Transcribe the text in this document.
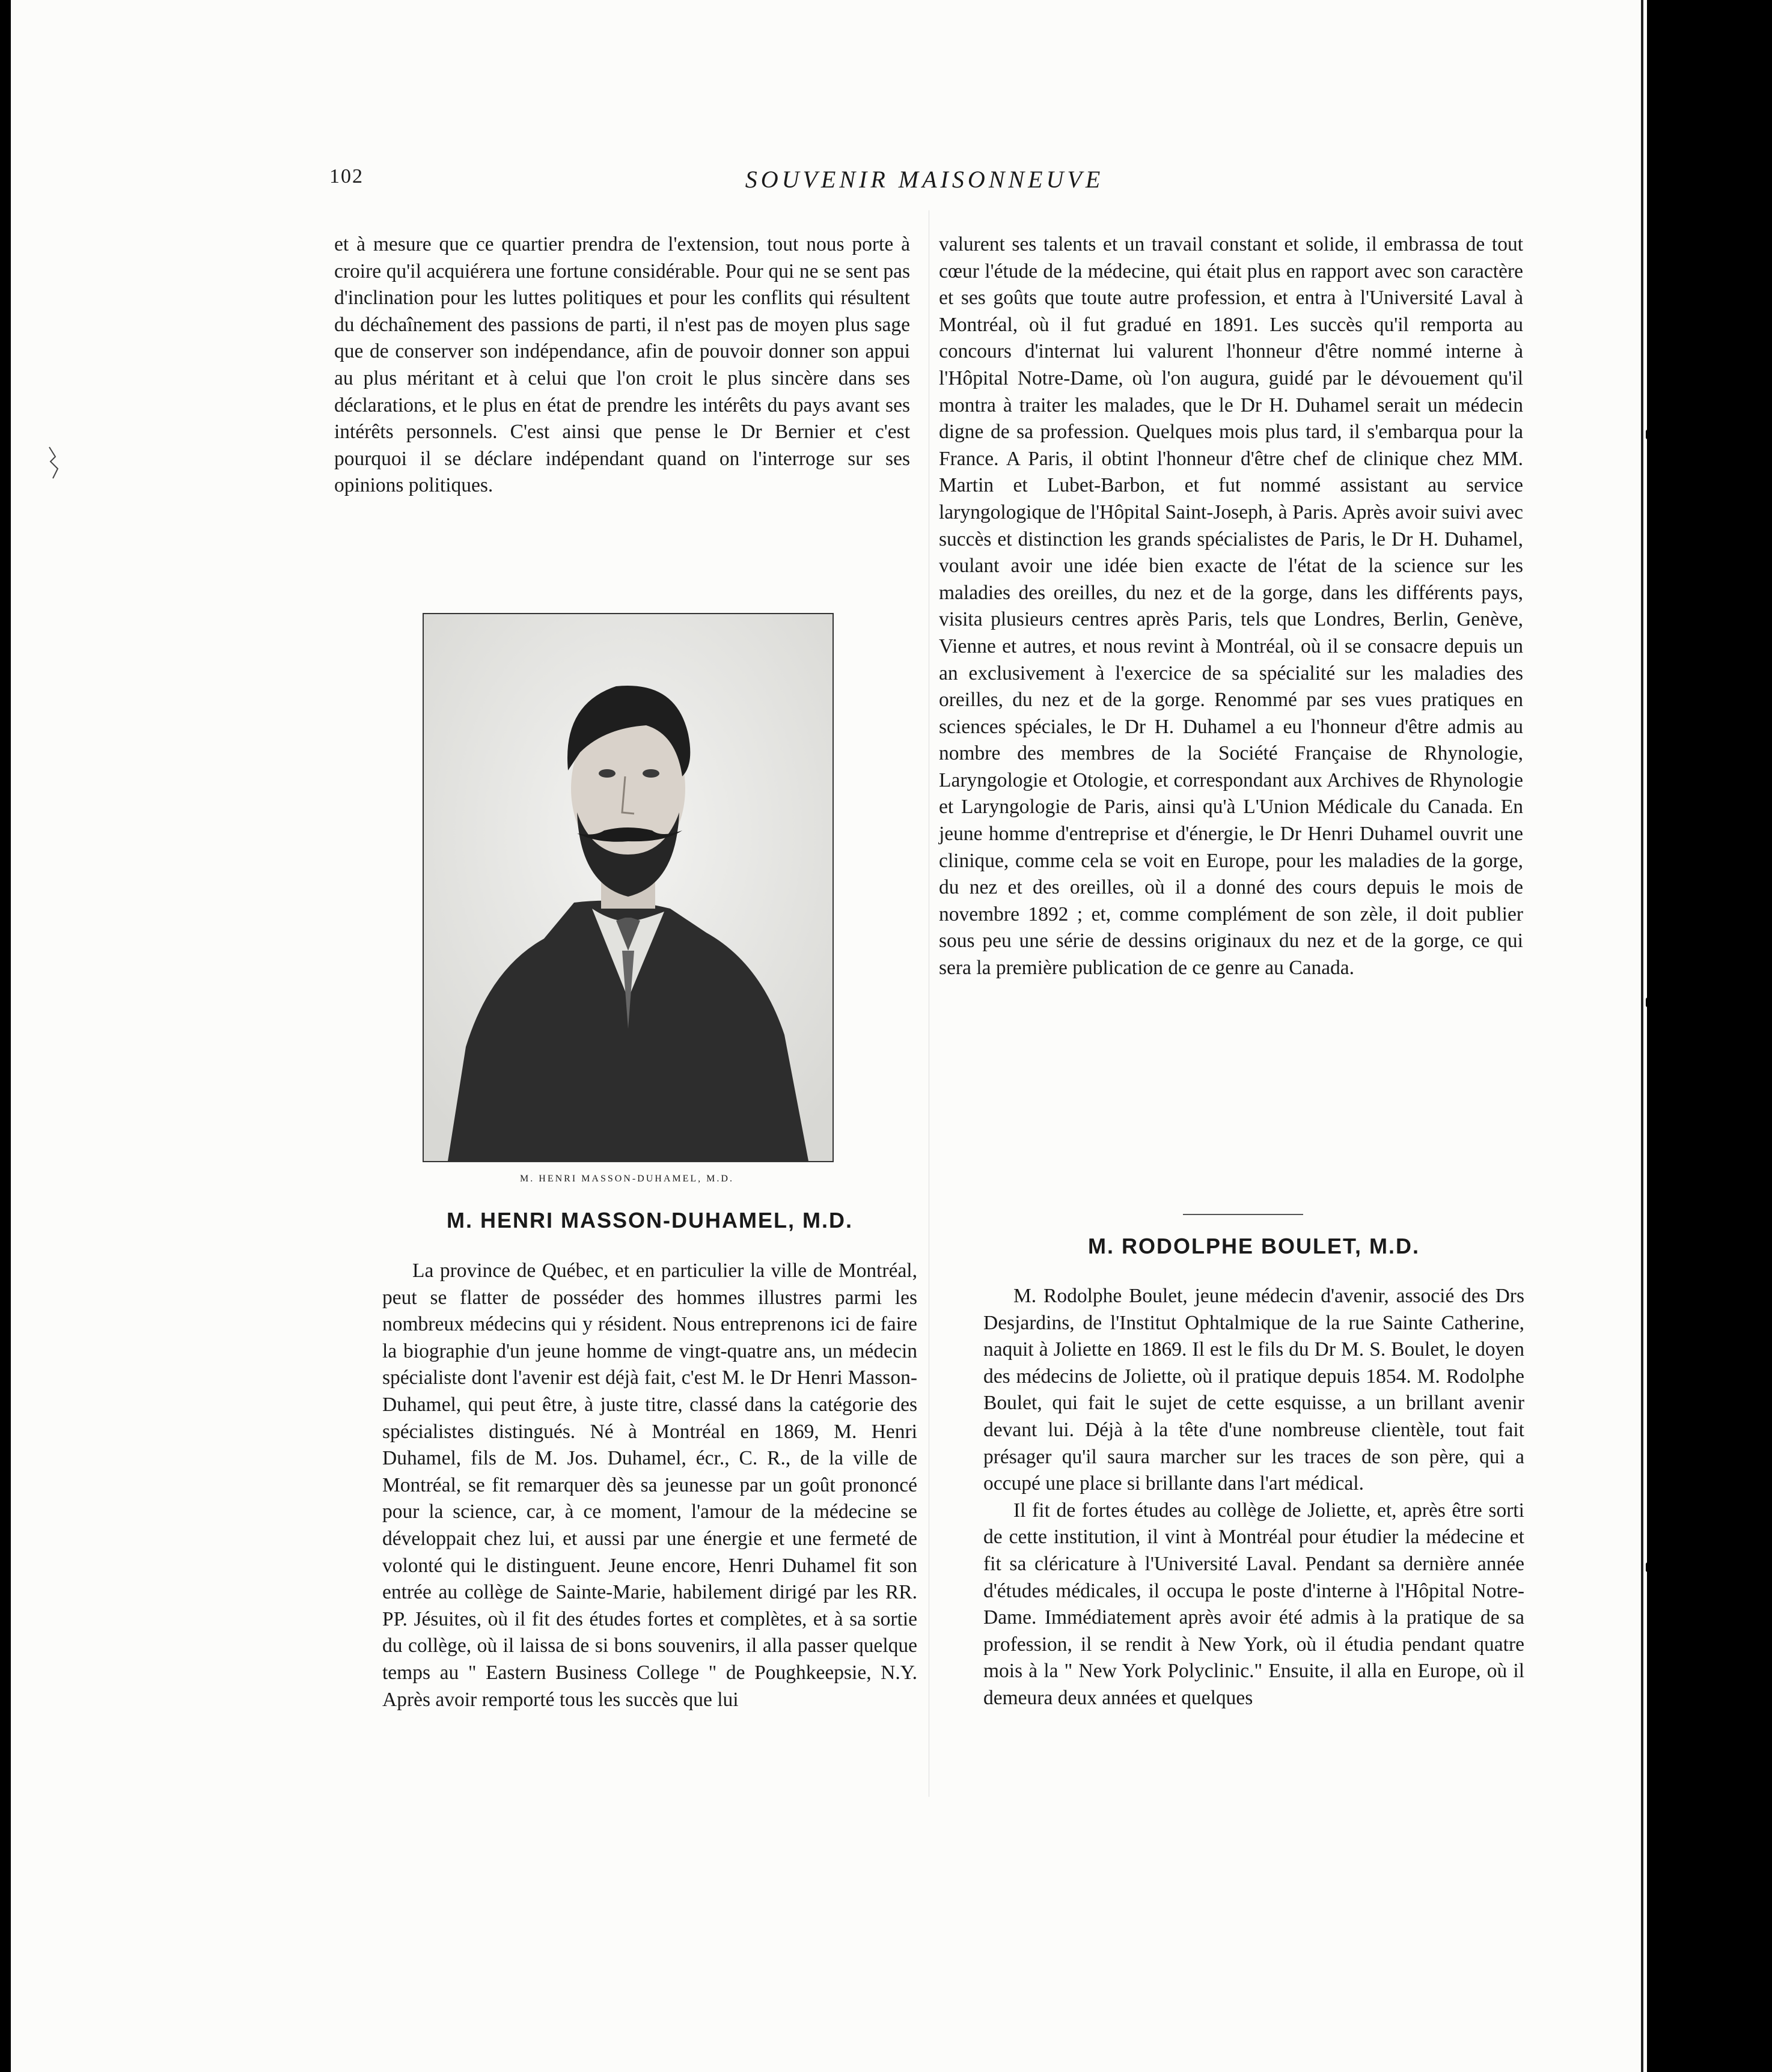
102	SOUVENIR MAISONNEUVE

et à mesure que ce quartier prendra de l'extension, tout nous porte à croire qu'il acquiérera une fortune considérable. Pour qui ne se sent pas d'inclination pour les luttes politiques et pour les conflits qui résultent du déchaînement des passions de parti, il n'est pas de moyen plus sage que de conserver son indépendance, afin de pouvoir donner son appui au plus méritant et à celui que l'on croit le plus sincère dans ses déclarations, et le plus en état de prendre les intérêts du pays avant ses intérêts personnels. C'est ainsi que pense le Dr Bernier et c'est pourquoi il se déclare indépendant quand on l'interroge sur ses opinions politiques.

M. HENRI MASSON-DUHAMEL, M.D.
M. HENRI MASSON-DUHAMEL, M.D.

La province de Québec, et en particulier la ville de Montréal, peut se flatter de posséder des hommes illustres parmi les nombreux médecins qui y résident. Nous entreprenons ici de faire la biographie d'un jeune homme de vingt-quatre ans, un médecin spécialiste dont l'avenir est déjà fait, c'est M. le Dr Henri Masson-Duhamel, qui peut être, à juste titre, classé dans la catégorie des spécialistes distingués. Né à Montréal en 1869, M. Henri Duhamel, fils de M. Jos. Duhamel, écr., C. R., de la ville de Montréal, se fit remarquer dès sa jeunesse par un goût prononcé pour la science, car, à ce moment, l'amour de la médecine se développait chez lui, et aussi par une énergie et une fermeté de volonté qui le distinguent. Jeune encore, Henri Duhamel fit son entrée au collège de Sainte-Marie, habilement dirigé par les RR. PP. Jésuites, où il fit des études fortes et complètes, et à sa sortie du collège, où il laissa de si bons souvenirs, il alla passer quelque temps au " Eastern Business College " de Poughkeepsie, N.Y. Après avoir remporté tous les succès que lui

valurent ses talents et un travail constant et solide, il embrassa de tout cœur l'étude de la médecine, qui était plus en rapport avec son caractère et ses goûts que toute autre profession, et entra à l'Université Laval à Montréal, où il fut gradué en 1891. Les succès qu'il remporta au concours d'internat lui valurent l'honneur d'être nommé interne à l'Hôpital Notre-Dame, où l'on augura, guidé par le dévouement qu'il montra à traiter les malades, que le Dr H. Duhamel serait un médecin digne de sa profession. Quelques mois plus tard, il s'embarqua pour la France. A Paris, il obtint l'honneur d'être chef de clinique chez MM. Martin et Lubet-Barbon, et fut nommé assistant au service laryngologique de l'Hôpital Saint-Joseph, à Paris. Après avoir suivi avec succès et distinction les grands spécialistes de Paris, le Dr H. Duhamel, voulant avoir une idée bien exacte de l'état de la science sur les maladies des oreilles, du nez et de la gorge, dans les différents pays, visita plusieurs centres après Paris, tels que Londres, Berlin, Genève, Vienne et autres, et nous revint à Montréal, où il se consacre depuis un an exclusivement à l'exercice de sa spécialité sur les maladies des oreilles, du nez et de la gorge. Renommé par ses vues pratiques en sciences spéciales, le Dr H. Duhamel a eu l'honneur d'être admis au nombre des membres de la Société Française de Rhynologie, Laryngologie et Otologie, et correspondant aux Archives de Rhynologie et Laryngologie de Paris, ainsi qu'à L'Union Médicale du Canada. En jeune homme d'entreprise et d'énergie, le Dr Henri Duhamel ouvrit une clinique, comme cela se voit en Europe, pour les maladies de la gorge, du nez et des oreilles, où il a donné des cours depuis le mois de novembre 1892 ; et, comme complément de son zèle, il doit publier sous peu une série de dessins originaux du nez et de la gorge, ce qui sera la première publication de ce genre au Canada.

M. RODOLPHE BOULET, M.D.

M. Rodolphe Boulet, jeune médecin d'avenir, associé des Drs Desjardins, de l'Institut Ophtalmique de la rue Sainte Catherine, naquit à Joliette en 1869. Il est le fils du Dr M. S. Boulet, le doyen des médecins de Joliette, où il pratique depuis 1854. M. Rodolphe Boulet, qui fait le sujet de cette esquisse, a un brillant avenir devant lui. Déjà à la tête d'une nombreuse clientèle, tout fait présager qu'il saura marcher sur les traces de son père, qui a occupé une place si brillante dans l'art médical.

Il fit de fortes études au collège de Joliette, et, après être sorti de cette institution, il vint à Montréal pour étudier la médecine et fit sa cléricature à l'Université Laval. Pendant sa dernière année d'études médicales, il occupa le poste d'interne à l'Hôpital Notre-Dame. Immédiatement après avoir été admis à la pratique de sa profession, il se rendit à New York, où il étudia pendant quatre mois à la " New York Polyclinic." Ensuite, il alla en Europe, où il demeura deux années et quelques
